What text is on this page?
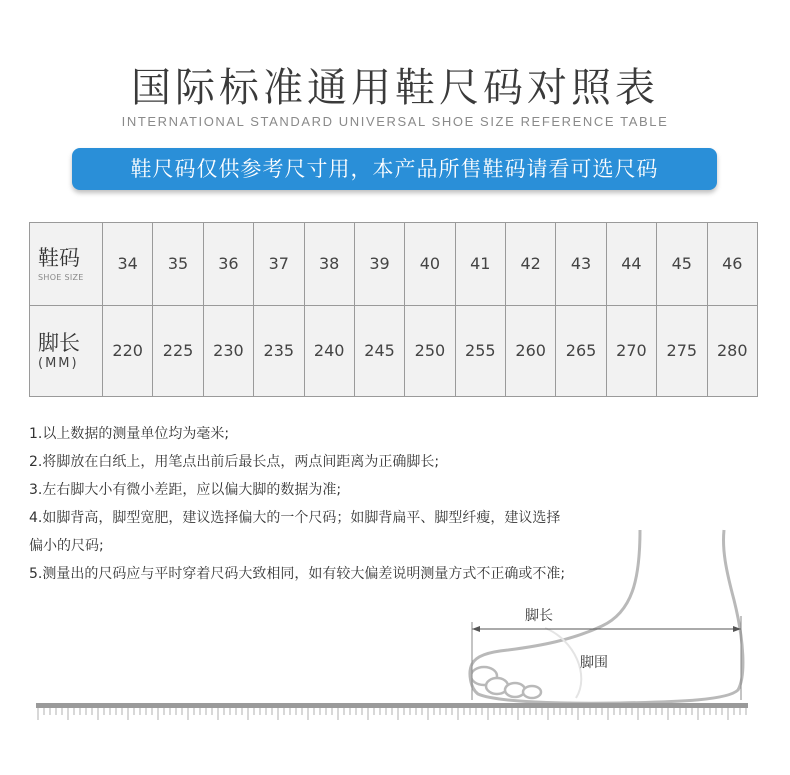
国际标准通用鞋尺码对照表
INTERNATIONAL STANDARD UNIVERSAL SHOE SIZE REFERENCE TABLE
鞋尺码仅供参考尺寸用，本产品所售鞋码请看可选尺码
鞋码
SHOE SIZE	34	35	36	37	38	39	40	41	42	43	44	45	46

脚长
(MM)	220	225	230	235	240	245	250	255	260	265	270	275	280

1.以上数据的测量单位均为毫米;

2.将脚放在白纸上，用笔点出前后最长点，两点间距离为正确脚长;

3.左右脚大小有微小差距，应以偏大脚的数据为准;

4.如脚背高，脚型宽肥，建议选择偏大的一个尺码；如脚背扁平、脚型纤瘦，建议选择偏小的尺码;

5.测量出的尺码应与平时穿着尺码大致相同，如有较大偏差说明测量方式不正确或不准;

脚长
脚围
